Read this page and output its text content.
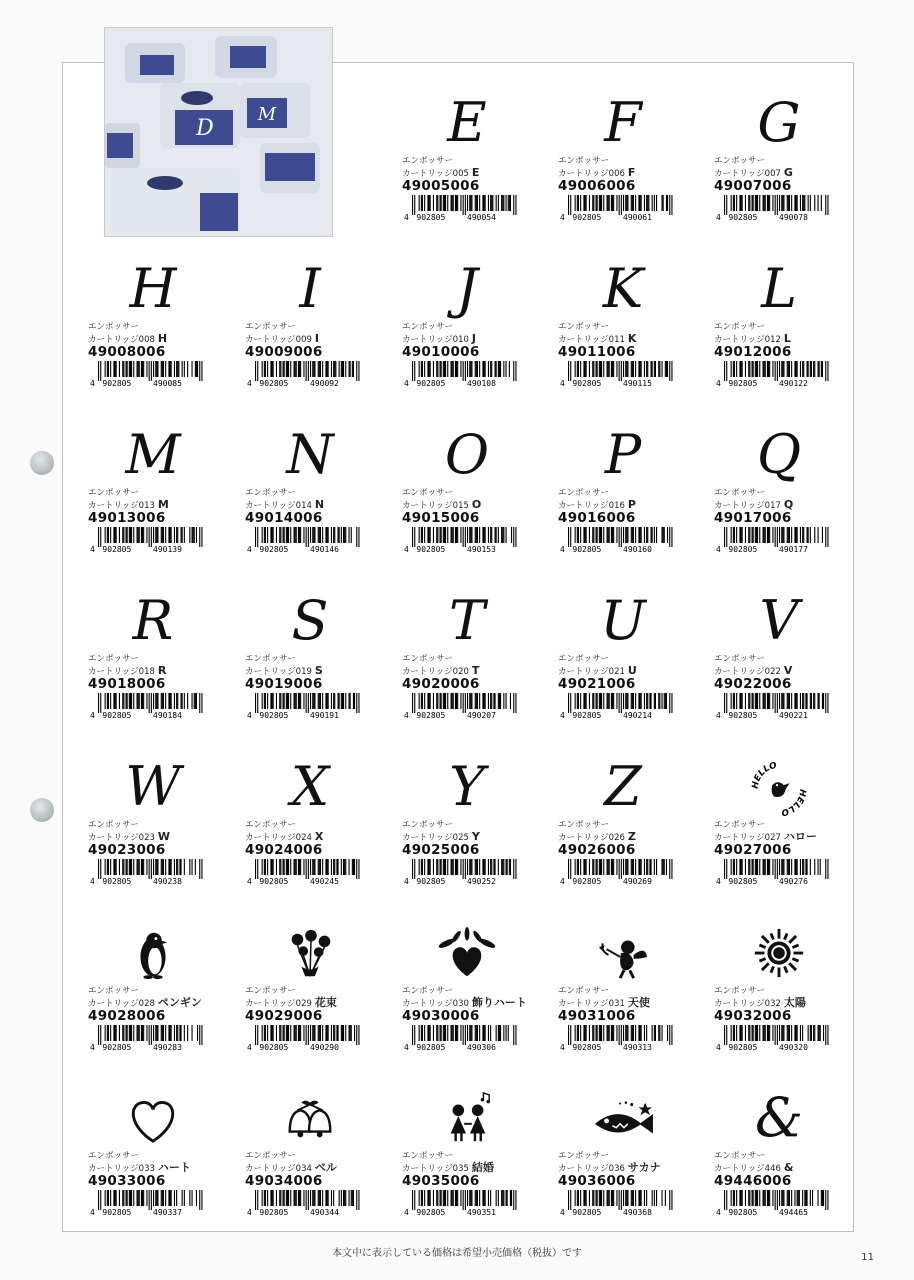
M
D	E
エンボッサー
カートリッジ005 E
49005006
4 902805	490054
F
エンボッサー
カートリッジ006 F
49006006
4 902805	490061
G
エンボッサー
カートリッジ007 G
49007006
4 902805	490078
H
エンボッサー
カートリッジ008 H
49008006
4 902805	490085
I
エンボッサー
カートリッジ009 I
49009006
4 902805	490092
J
エンボッサー
カートリッジ010 J
49010006
4 902805	490108
K
エンボッサー
カートリッジ011 K
49011006
4 902805	490115
L
エンボッサー
カートリッジ012 L
49012006
4 902805	490122
M
エンボッサー
カートリッジ013 M
49013006
4 902805	490139
N
エンボッサー
カートリッジ014 N
49014006
4 902805	490146
O
エンボッサー
カートリッジ015 O
49015006
4 902805	490153
P
エンボッサー
カートリッジ016 P
49016006
4 902805	490160
Q
エンボッサー
カートリッジ017 Q
49017006
4 902805	490177
R
エンボッサー
カートリッジ018 R
49018006
4 902805	490184
S
エンボッサー
カートリッジ019 S
49019006
4 902805	490191
T
エンボッサー
カートリッジ020 T
49020006
4 902805	490207
U
エンボッサー
カートリッジ021 U
49021006
4 902805	490214
V
エンボッサー
カートリッジ022 V
49022006
4 902805	490221
W
エンボッサー
カートリッジ023 W
49023006
4 902805	490238
X
エンボッサー
カートリッジ024 X
49024006
4 902805	490245
Y
エンボッサー
カートリッジ025 Y
49025006
4 902805	490252
Z
エンボッサー
カートリッジ026 Z
49026006
4 902805	490269
HELLO
HELLO
エンボッサー
カートリッジ027 ハロー
49027006
4 902805	490276
エンボッサー
カートリッジ028 ペンギン
49028006
4 902805	490283
エンボッサー
カートリッジ029 花束
49029006
4 902805	490290
エンボッサー
カートリッジ030 飾りハート
49030006
4 902805	490306
エンボッサー
カートリッジ031 天使
49031006
4 902805	490313
エンボッサー
カートリッジ032 太陽
49032006
4 902805	490320
エンボッサー
カートリッジ033 ハート
49033006
4 902805	490337
エンボッサー
カートリッジ034 ベル
49034006
4 902805	490344
エンボッサー
カートリッジ035 結婚
49035006
4 902805	490351
エンボッサー
カートリッジ036 サカナ
49036006
4 902805	490368
&
エンボッサー
カートリッジ446 &
49446006
4 902805	494465
本文中に表示している価格は希望小売価格（税抜）です	11
